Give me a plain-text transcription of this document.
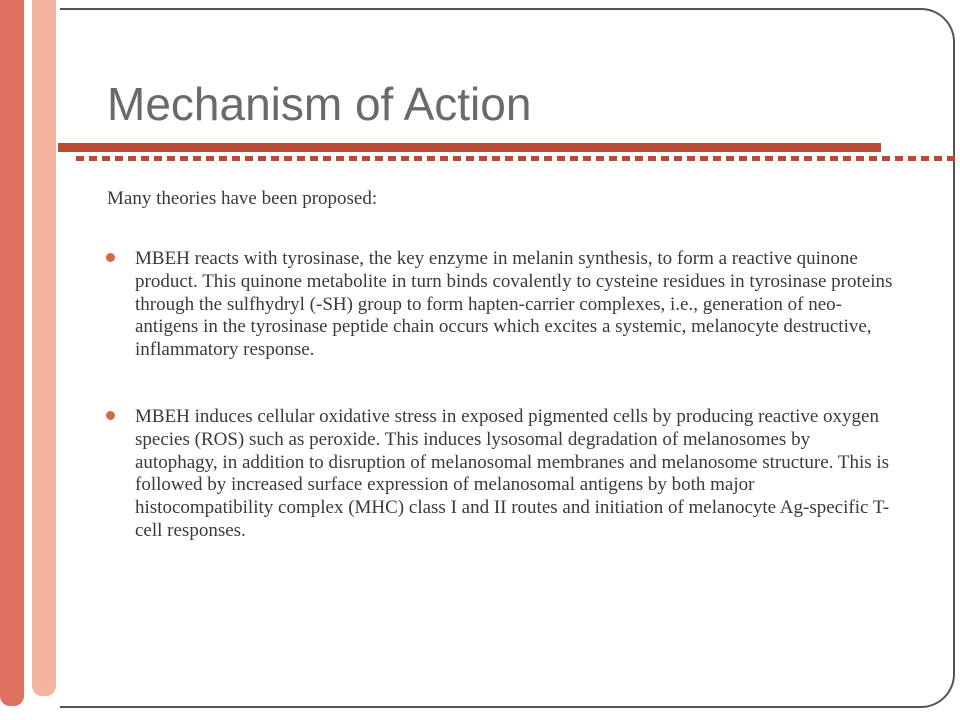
Mechanism of Action
Many theories have been proposed:
MBEH reacts with tyrosinase, the key enzyme in melanin synthesis, to form a reactive quinone product. This quinone metabolite in turn binds covalently to cysteine residues in tyrosinase proteins through the sulfhydryl (-SH) group to form hapten-carrier complexes, i.e., generation of neo-antigens in the tyrosinase peptide chain occurs which excites a systemic, melanocyte destructive, inflammatory response.
MBEH induces cellular oxidative stress in exposed pigmented cells by producing reactive oxygen species (ROS) such as peroxide. This induces lysosomal degradation of melanosomes by autophagy, in addition to disruption of melanosomal membranes and melanosome structure. This is followed by increased surface expression of melanosomal antigens by both major histocompatibility complex (MHC) class I and II routes and initiation of melanocyte Ag-specific T-cell responses.
